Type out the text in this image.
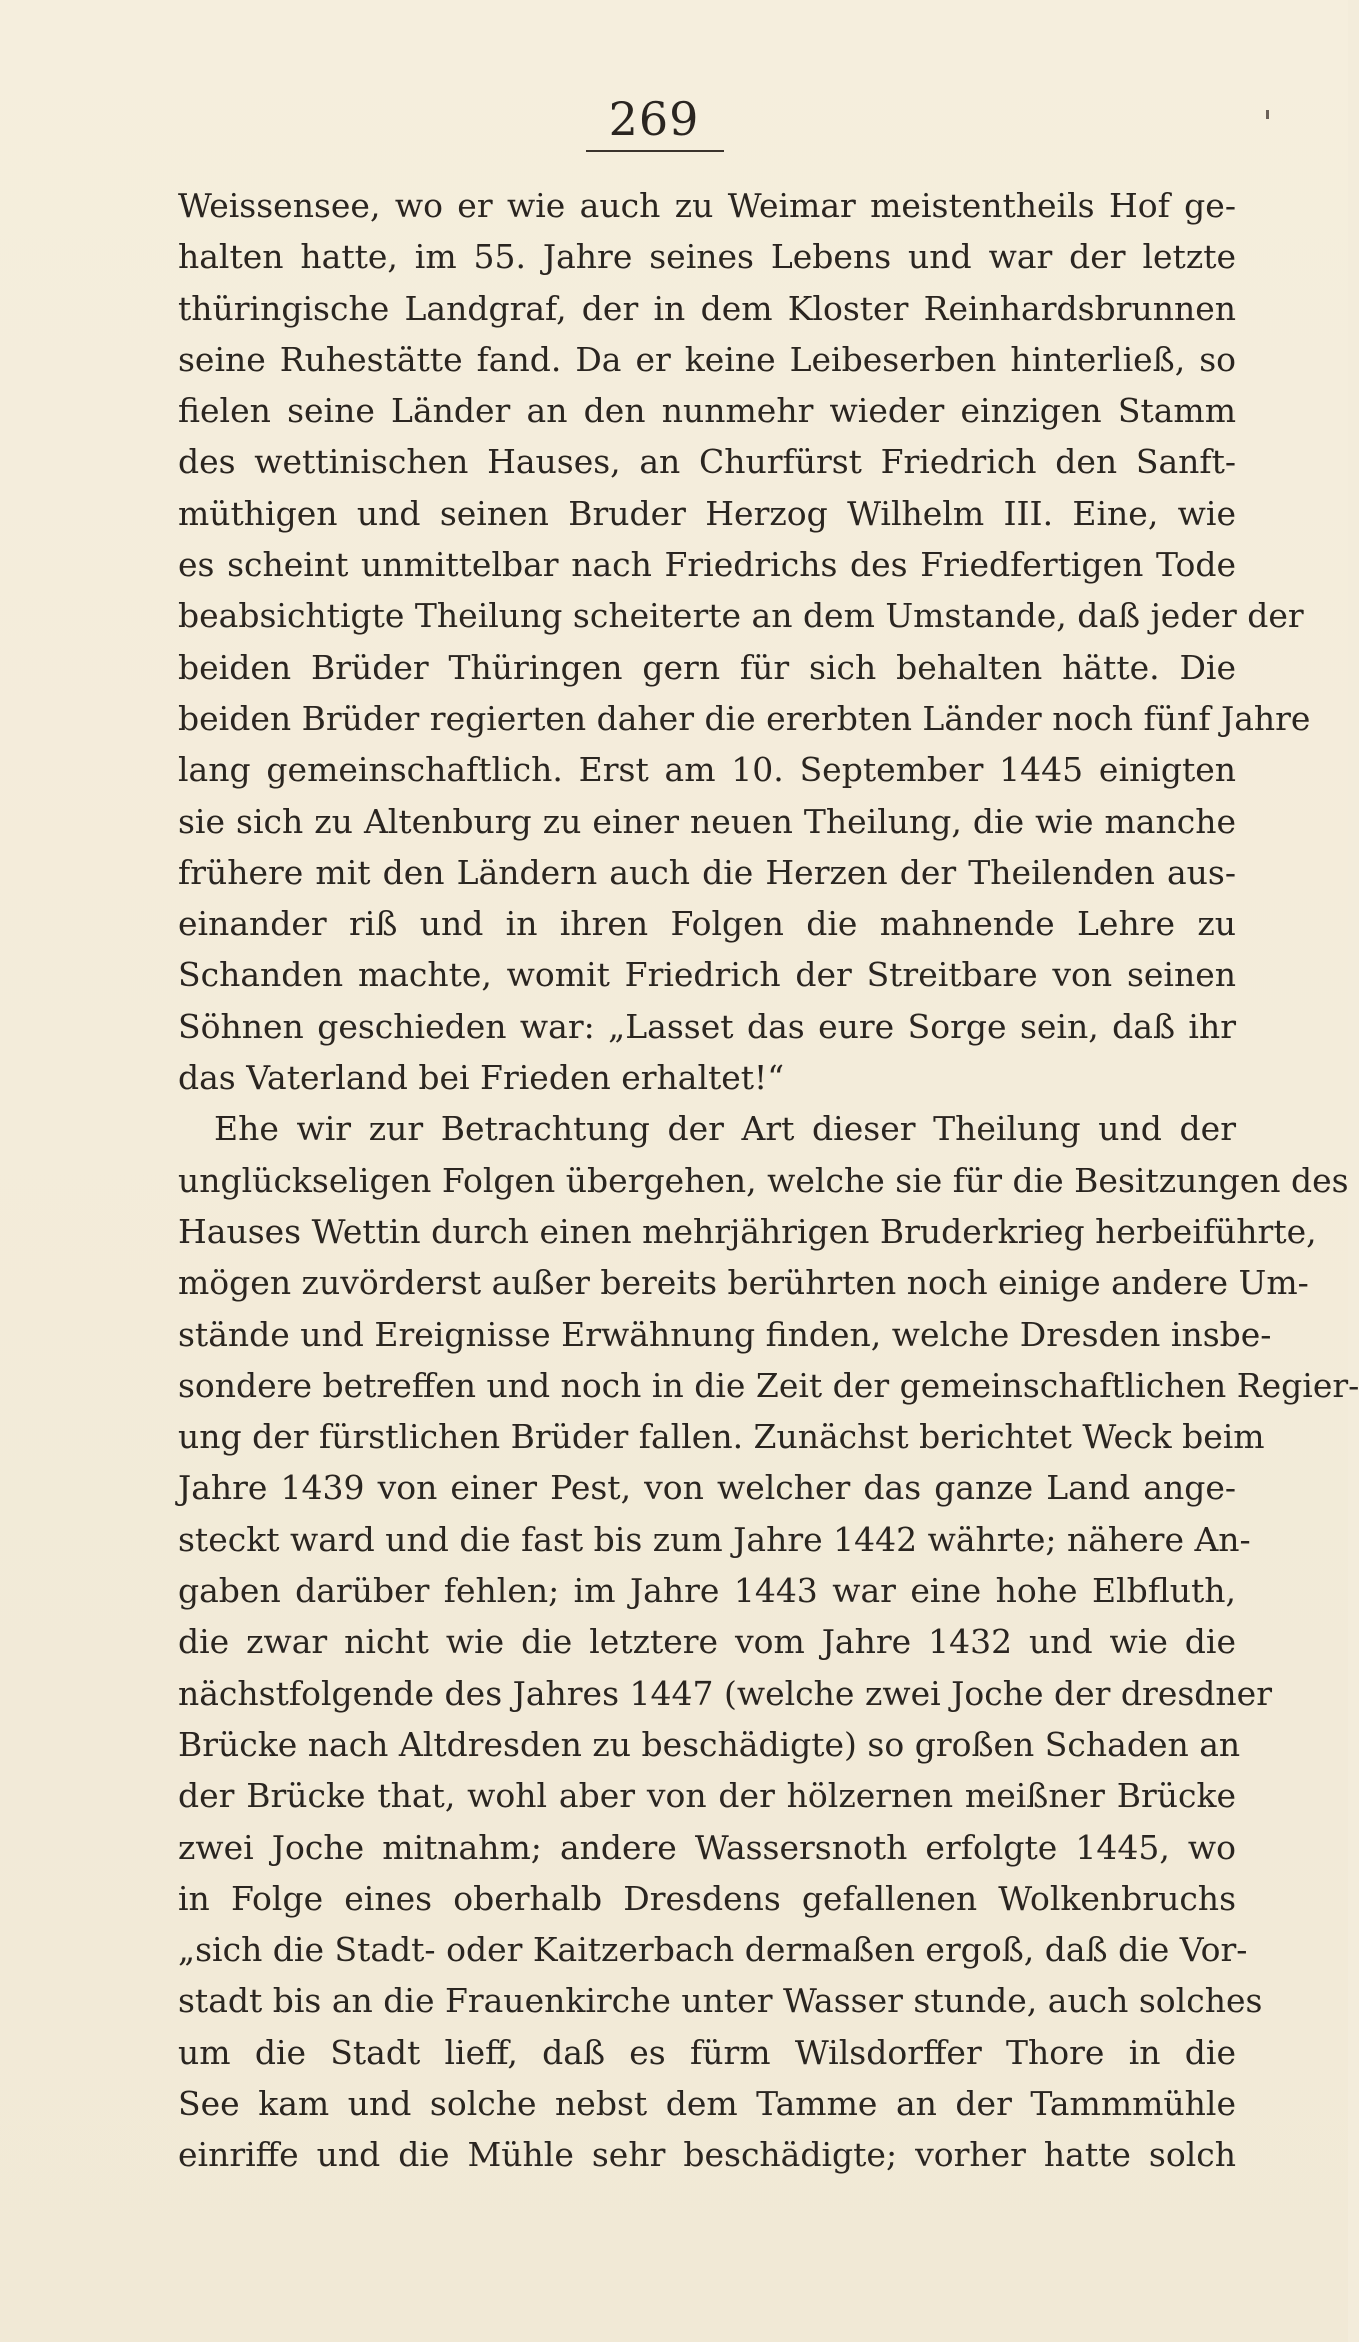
269
Weissensee, wo er wie auch zu Weimar meistentheils Hof ge-
halten hatte, im 55. Jahre seines Lebens und war der letzte
thüringische Landgraf, der in dem Kloster Reinhardsbrunnen
seine Ruhestätte fand. Da er keine Leibeserben hinterließ, so
fielen seine Länder an den nunmehr wieder einzigen Stamm
des wettinischen Hauses, an Churfürst Friedrich den Sanft-
müthigen und seinen Bruder Herzog Wilhelm III. Eine, wie
es scheint unmittelbar nach Friedrichs des Friedfertigen Tode
beabsichtigte Theilung scheiterte an dem Umstande, daß jeder der
beiden Brüder Thüringen gern für sich behalten hätte. Die
beiden Brüder regierten daher die ererbten Länder noch fünf Jahre
lang gemeinschaftlich. Erst am 10. September 1445 einigten
sie sich zu Altenburg zu einer neuen Theilung, die wie manche
frühere mit den Ländern auch die Herzen der Theilenden aus-
einander riß und in ihren Folgen die mahnende Lehre zu
Schanden machte, womit Friedrich der Streitbare von seinen
Söhnen geschieden war: „Lasset das eure Sorge sein, daß ihr
das Vaterland bei Frieden erhaltet!“
Ehe wir zur Betrachtung der Art dieser Theilung und der
unglückseligen Folgen übergehen, welche sie für die Besitzungen des
Hauses Wettin durch einen mehrjährigen Bruderkrieg herbeiführte,
mögen zuvörderst außer bereits berührten noch einige andere Um-
stände und Ereignisse Erwähnung finden, welche Dresden insbe-
sondere betreffen und noch in die Zeit der gemeinschaftlichen Regier-
ung der fürstlichen Brüder fallen. Zunächst berichtet Weck beim
Jahre 1439 von einer Pest, von welcher das ganze Land ange-
steckt ward und die fast bis zum Jahre 1442 währte; nähere An-
gaben darüber fehlen; im Jahre 1443 war eine hohe Elbfluth,
die zwar nicht wie die letztere vom Jahre 1432 und wie die
nächstfolgende des Jahres 1447 (welche zwei Joche der dresdner
Brücke nach Altdresden zu beschädigte) so großen Schaden an
der Brücke that, wohl aber von der hölzernen meißner Brücke
zwei Joche mitnahm; andere Wassersnoth erfolgte 1445, wo
in Folge eines oberhalb Dresdens gefallenen Wolkenbruchs
„sich die Stadt- oder Kaitzerbach dermaßen ergoß, daß die Vor-
stadt bis an die Frauenkirche unter Wasser stunde, auch solches
um die Stadt lieff, daß es fürm Wilsdorffer Thore in die
See kam und solche nebst dem Tamme an der Tammmühle
einriffe und die Mühle sehr beschädigte; vorher hatte solch
